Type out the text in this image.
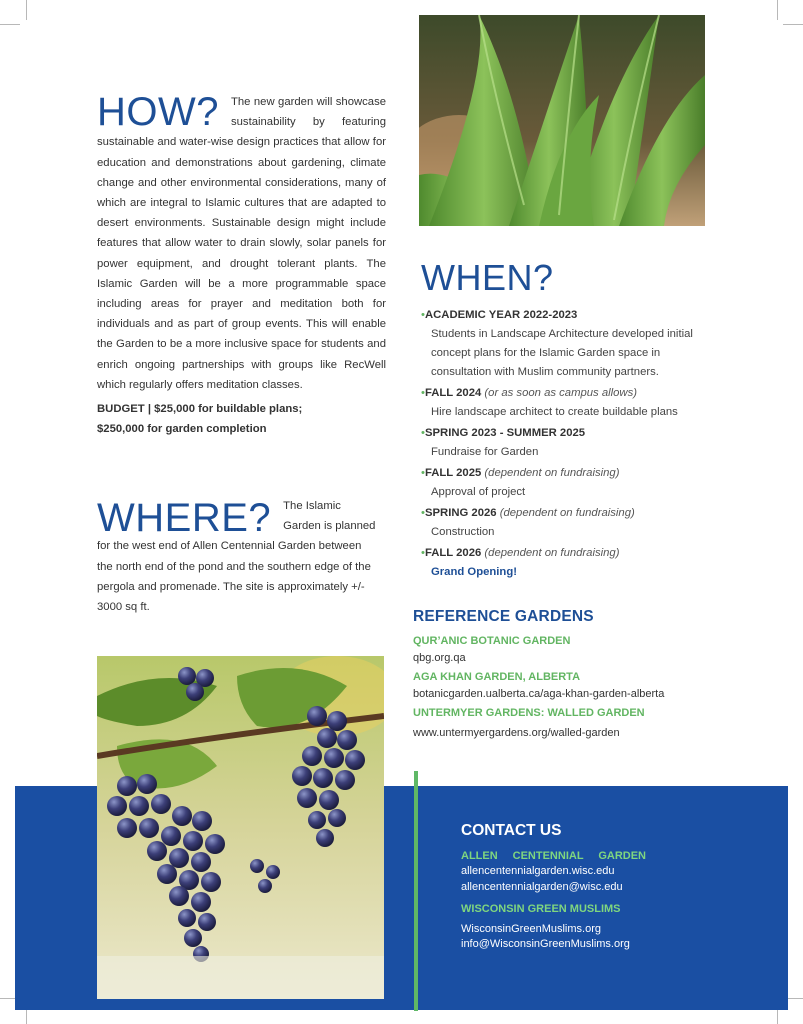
HOW?	The new garden will showcase sustainability by featuring sustainable and water-wise design practices that allow for education and demonstrations about gardening, climate change and other environmental considerations, many of which are integral to Islamic cultures that are adapted to desert environments. Sustainable design might include features that allow water to drain slowly, solar panels for power equipment, and drought tolerant plants. The Islamic Garden will be a more programmable space including areas for prayer and meditation both for individuals and as part of group events. This will enable the Garden to be a more inclusive space for students and enrich ongoing partnerships with groups like RecWell which regularly offers meditation classes.

BUDGET | $25,000 for buildable plans;

$250,000 for garden completion

WHERE? The Islamic Garden is planned for the west end of Allen Centennial Garden between the north end of the pond and the southern edge of the pergola and promenade. The site is approximately +/- 3000 sq ft.
WHEN?
•ACADEMIC YEAR 2022-2023
Students in Landscape Architecture developed initial concept plans for the Islamic Garden space in consultation with Muslim community partners.
•FALL 2024 (or as soon as campus allows)
Hire landscape architect to create buildable plans
•SPRING 2023 - SUMMER 2025
Fundraise for Garden
•FALL 2025 (dependent on fundraising)
Approval of project
•SPRING 2026 (dependent on fundraising)
Construction
•FALL 2026 (dependent on fundraising)
Grand Opening!
REFERENCE GARDENS
QUR’ANIC BOTANIC GARDEN
qbg.org.qa
AGA KHAN GARDEN, ALBERTA
botanicgarden.ualberta.ca/aga-khan-garden-alberta
UNTERMYER GARDENS: WALLED GARDEN
www.untermyergardens.org/walled-garden
CONTACT US
ALLEN CENTENNIAL GARDEN
allencentennialgarden.wisc.edu
allencentennialgarden@wisc.edu
WISCONSIN GREEN MUSLIMS
WisconsinGreenMuslims.org
info@WisconsinGreenMuslims.org
